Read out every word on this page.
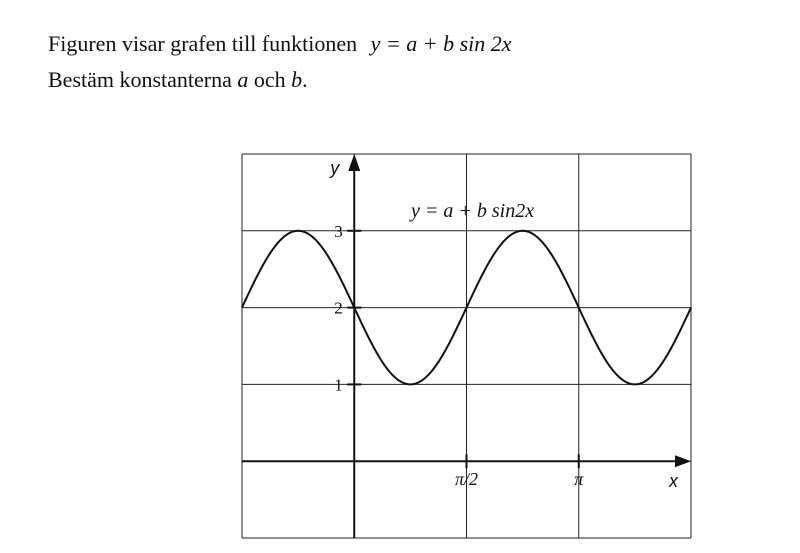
Figuren visar grafen till funktionen y = a + b sin 2x
Bestäm konstanterna a och b.
x
y
1
2
3
π/2	π
y = a + b sin2x
